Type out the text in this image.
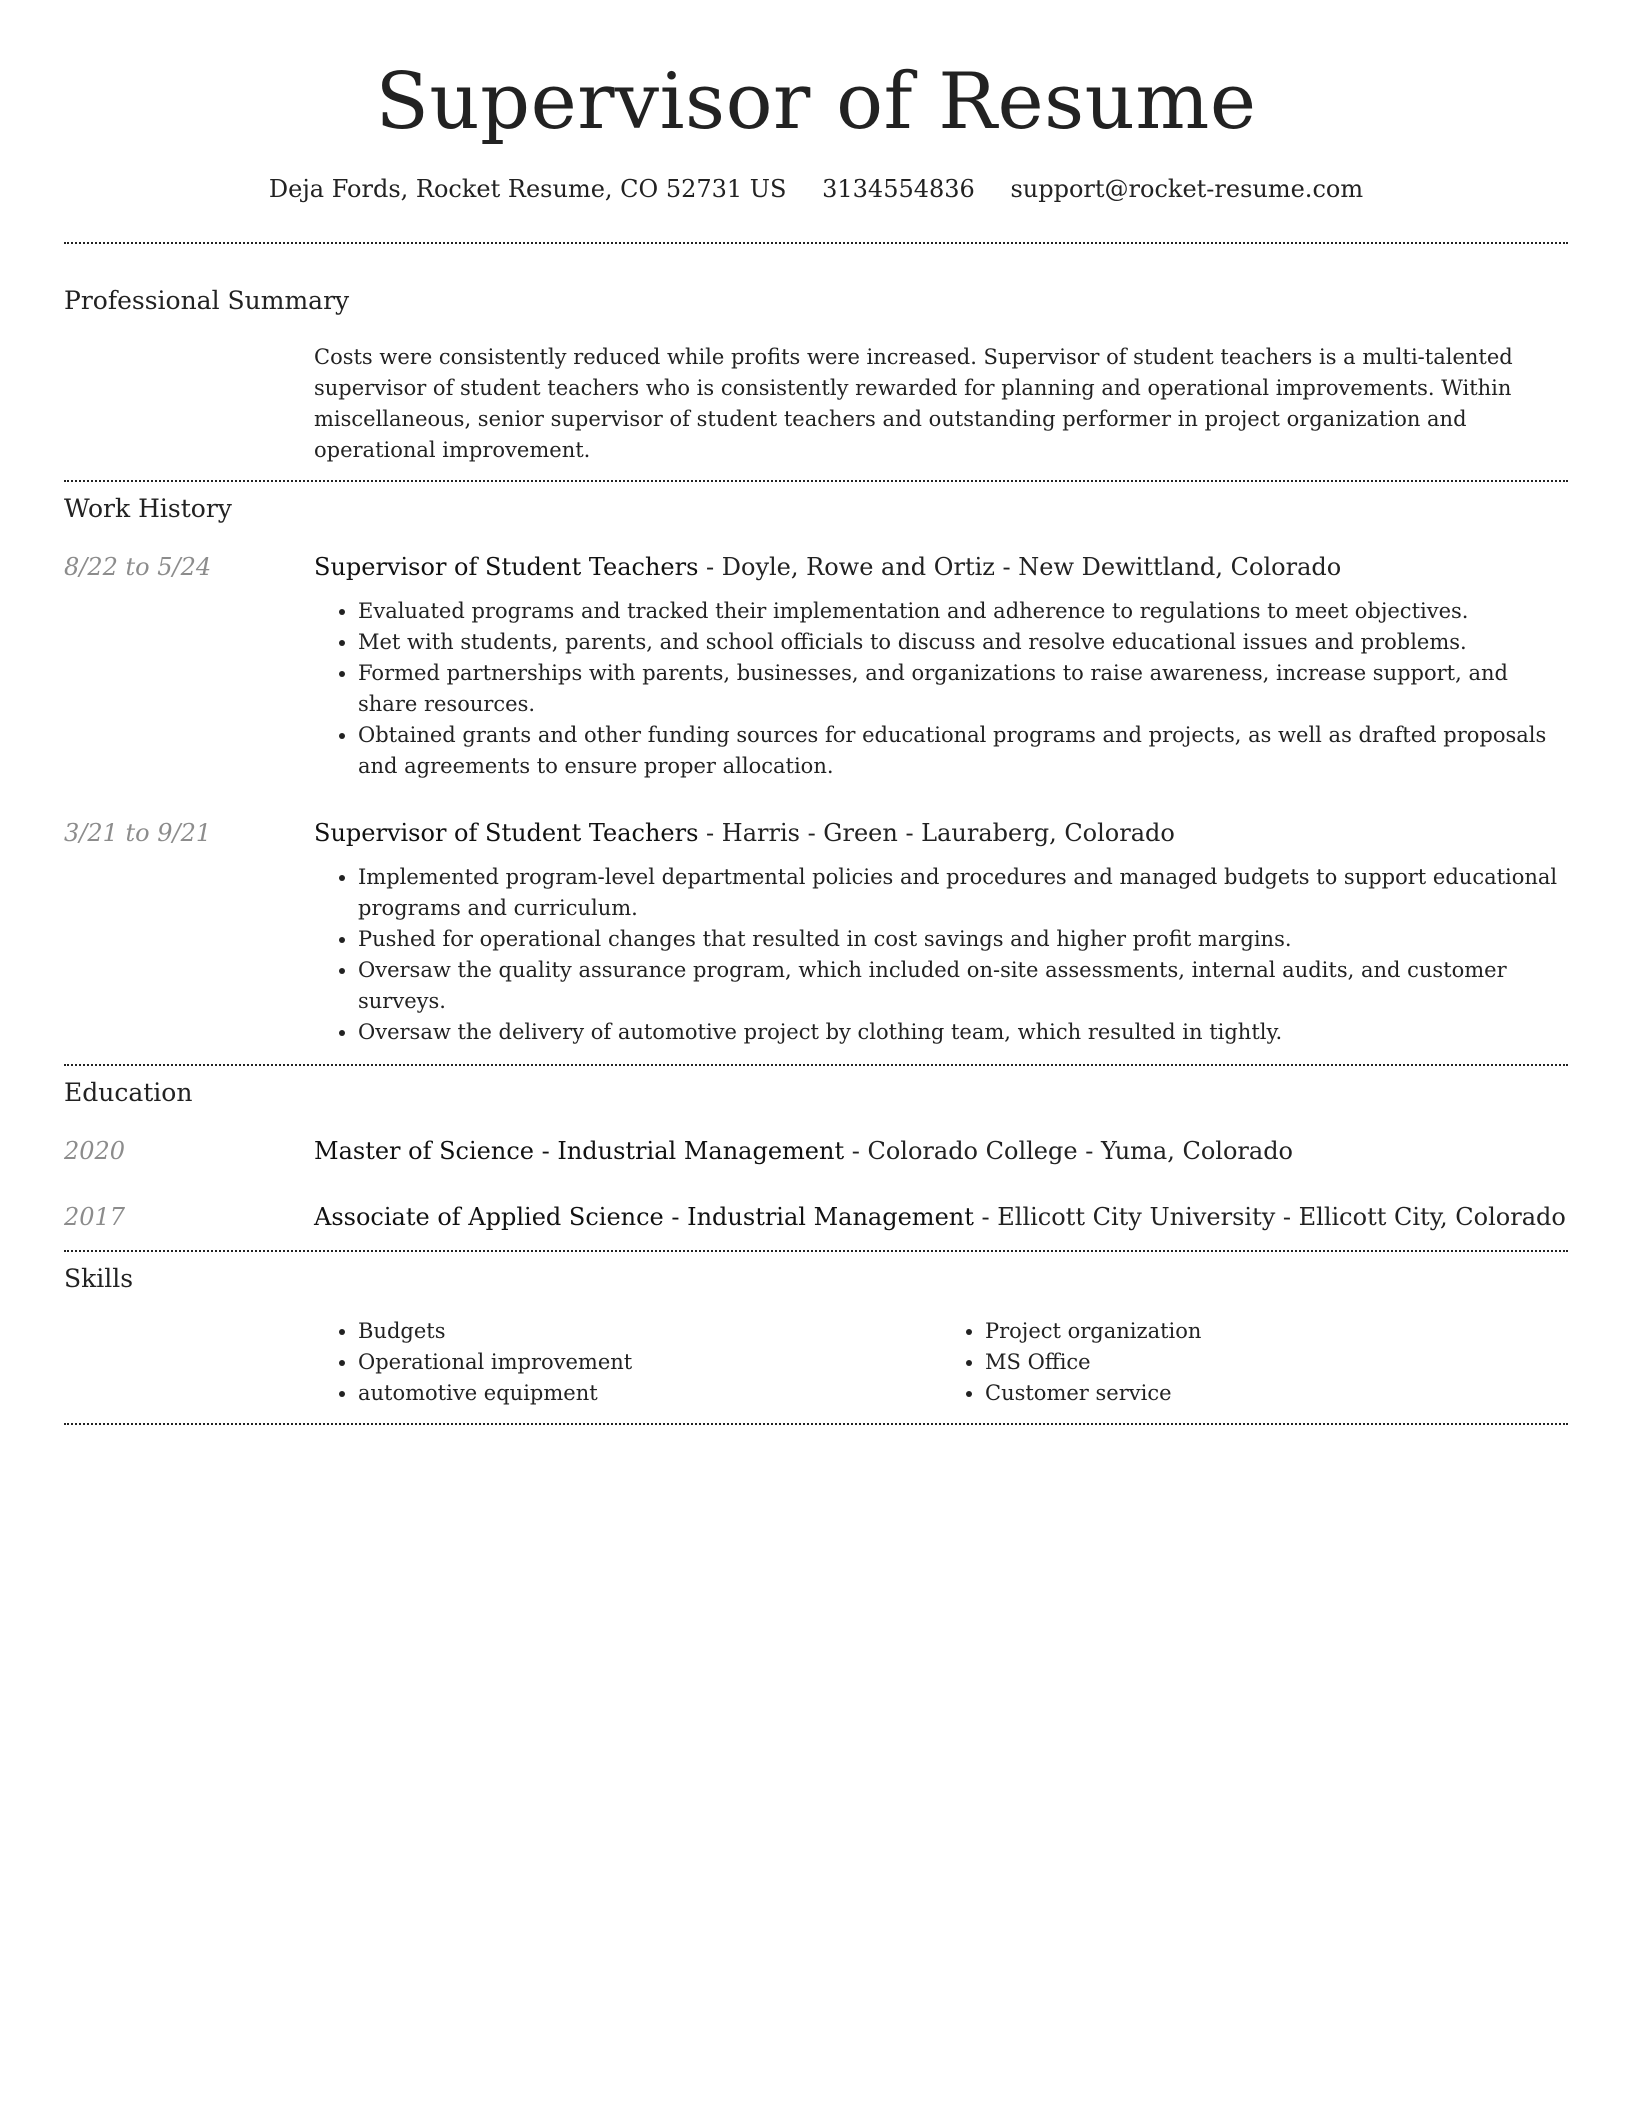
Supervisor of Resume
Deja Fords, Rocket Resume, CO 52731 US 3134554836 support@rocket-resume.com
Professional Summary

Costs were consistently reduced while profits were increased. Supervisor of student teachers is a multi-talented supervisor of student teachers who is consistently rewarded for planning and operational improvements. Within miscellaneous, senior supervisor of student teachers and outstanding performer in project organization and operational improvement.

Work History
8/22 to 5/24	Supervisor of Student Teachers - Doyle, Rowe and Ortiz - New Dewittland, Colorado
• Evaluated programs and tracked their implementation and adherence to regulations to meet objectives.
• Met with students, parents, and school officials to discuss and resolve educational issues and problems.
• Formed partnerships with parents, businesses, and organizations to raise awareness, increase support, and share resources.
• Obtained grants and other funding sources for educational programs and projects, as well as drafted proposals and agreements to ensure proper allocation.
3/21 to 9/21	Supervisor of Student Teachers - Harris - Green - Lauraberg, Colorado
• Implemented program-level departmental policies and procedures and managed budgets to support educational programs and curriculum.
• Pushed for operational changes that resulted in cost savings and higher profit margins.
• Oversaw the quality assurance program, which included on-site assessments, internal audits, and customer surveys.
• Oversaw the delivery of automotive project by clothing team, which resulted in tightly.
Education
2020	Master of Science - Industrial Management - Colorado College - Yuma, Colorado
2017	Associate of Applied Science - Industrial Management - Ellicott City University - Ellicott City, Colorado
Skills
• Budgets
• Operational improvement
• automotive equipment
• Project organization
• MS Office
• Customer service
